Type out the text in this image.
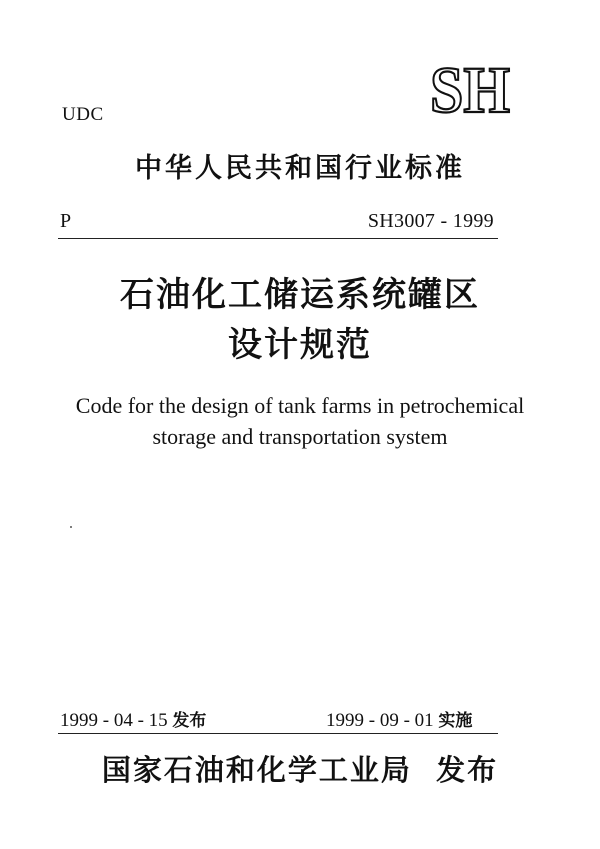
UDC	SH
中华人民共和国行业标准
P	SH3007 - 1999
石油化工储运系统罐区
设计规范
Code for the design of tank farms in petrochemical
storage and transportation system
1999 - 04 - 15 发布	1999 - 09 - 01 实施
国家石油和化学工业局  发布
